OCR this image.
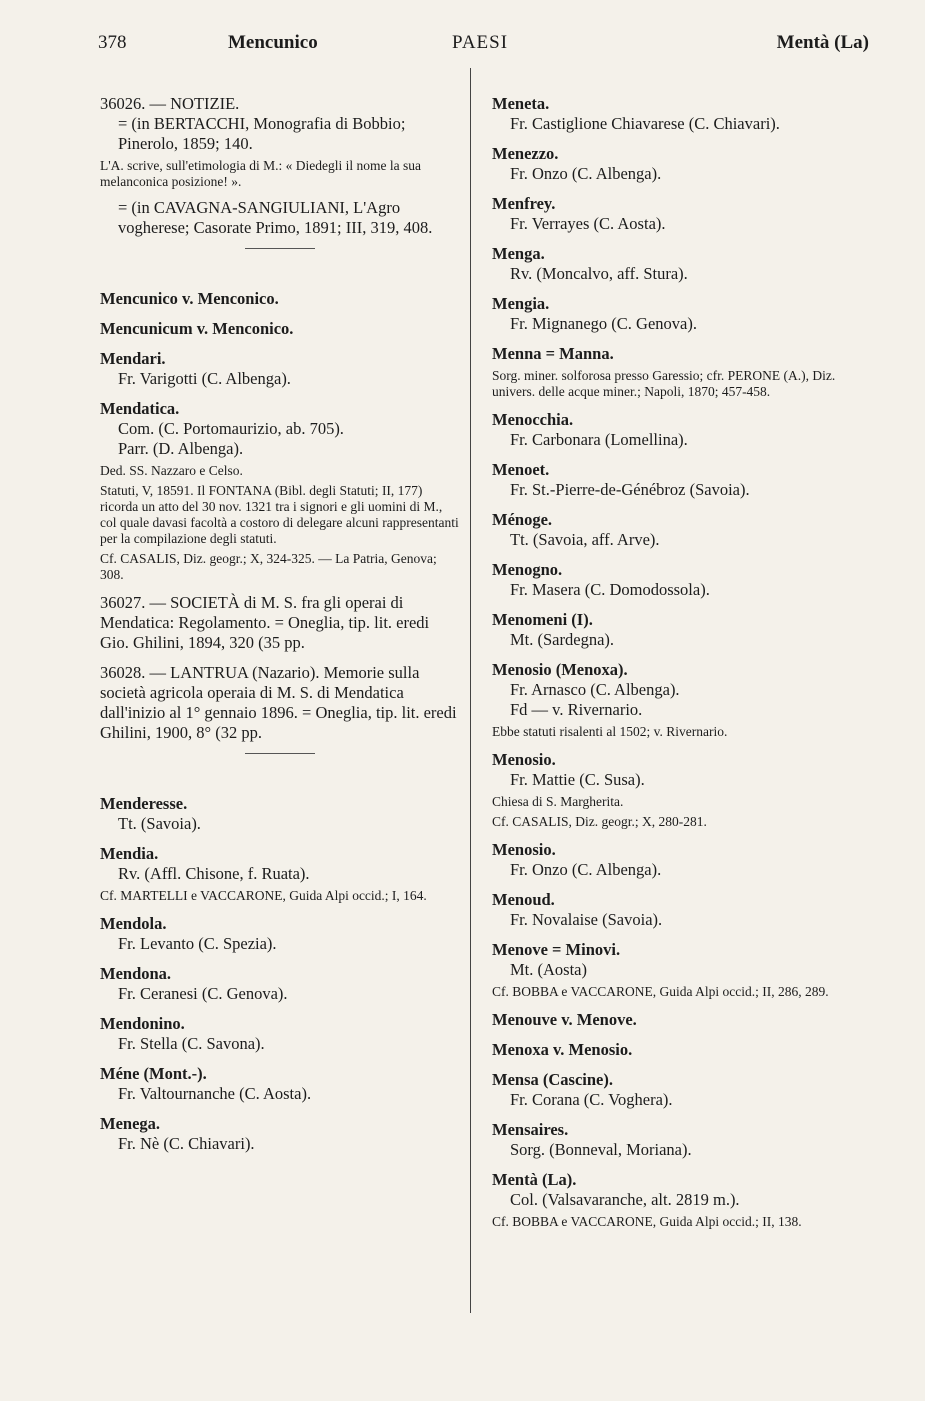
378	Mencunico	PAESI	Mentà (La)

36026. — NOTIZIE.

= (in BERTACCHI, Monografia di Bobbio; Pinerolo, 1859; 140.

L'A. scrive, sull'etimologia di M.: « Diedegli il nome la sua melanconica posizione! ».

= (in CAVAGNA-SANGIULIANI, L'Agro vogherese; Casorate Primo, 1891; III, 319, 408.

Mencunico v. Menconico.

Mencunicum v. Menconico.

Mendari.

Fr. Varigotti (C. Albenga).

Mendatica.

Com. (C. Portomaurizio, ab. 705).

Parr. (D. Albenga).

Ded. SS. Nazzaro e Celso.

Statuti, V, 18591. Il FONTANA (Bibl. degli Statuti; II, 177) ricorda un atto del 30 nov. 1321 tra i signori e gli uomini di M., col quale davasi facoltà a costoro di delegare alcuni rappresentanti per la compilazione degli statuti.

Cf. CASALIS, Diz. geogr.; X, 324-325. — La Patria, Genova; 308.

36027. — SOCIETÀ di M. S. fra gli operai di Mendatica: Regolamento. = Oneglia, tip. lit. eredi Gio. Ghilini, 1894, 320 (35 pp.

36028. — LANTRUA (Nazario). Memorie sulla società agricola operaia di M. S. di Mendatica dall'inizio al 1° gennaio 1896. = Oneglia, tip. lit. eredi Ghilini, 1900, 8° (32 pp.

Menderesse.

Tt. (Savoia).

Mendia.

Rv. (Affl. Chisone, f. Ruata).

Cf. MARTELLI e VACCARONE, Guida Alpi occid.; I, 164.

Mendola.

Fr. Levanto (C. Spezia).

Mendona.

Fr. Ceranesi (C. Genova).

Mendonino.

Fr. Stella (C. Savona).

Méne (Mont.-).

Fr. Valtournanche (C. Aosta).

Menega.

Fr. Nè (C. Chiavari).

Meneta.

Fr. Castiglione Chiavarese (C. Chiavari).

Menezzo.

Fr. Onzo (C. Albenga).

Menfrey.

Fr. Verrayes (C. Aosta).

Menga.

Rv. (Moncalvo, aff. Stura).

Mengia.

Fr. Mignanego (C. Genova).

Menna = Manna.

Sorg. miner. solforosa presso Garessio; cfr. PERONE (A.), Diz. univers. delle acque miner.; Napoli, 1870; 457-458.

Menocchia.

Fr. Carbonara (Lomellina).

Menoet.

Fr. St.-Pierre-de-Génébroz (Savoia).

Ménoge.

Tt. (Savoia, aff. Arve).

Menogno.

Fr. Masera (C. Domodossola).

Menomeni (I).

Mt. (Sardegna).

Menosio (Menoxa).

Fr. Arnasco (C. Albenga).

Fd — v. Rivernario.

Ebbe statuti risalenti al 1502; v. Rivernario.

Menosio.

Fr. Mattie (C. Susa).

Chiesa di S. Margherita.

Cf. CASALIS, Diz. geogr.; X, 280-281.

Menosio.

Fr. Onzo (C. Albenga).

Menoud.

Fr. Novalaise (Savoia).

Menove = Minovi.

Mt. (Aosta)

Cf. BOBBA e VACCARONE, Guida Alpi occid.; II, 286, 289.

Menouve v. Menove.

Menoxa v. Menosio.

Mensa (Cascine).

Fr. Corana (C. Voghera).

Mensaires.

Sorg. (Bonneval, Moriana).

Mentà (La).

Col. (Valsavaranche, alt. 2819 m.).

Cf. BOBBA e VACCARONE, Guida Alpi occid.; II, 138.
